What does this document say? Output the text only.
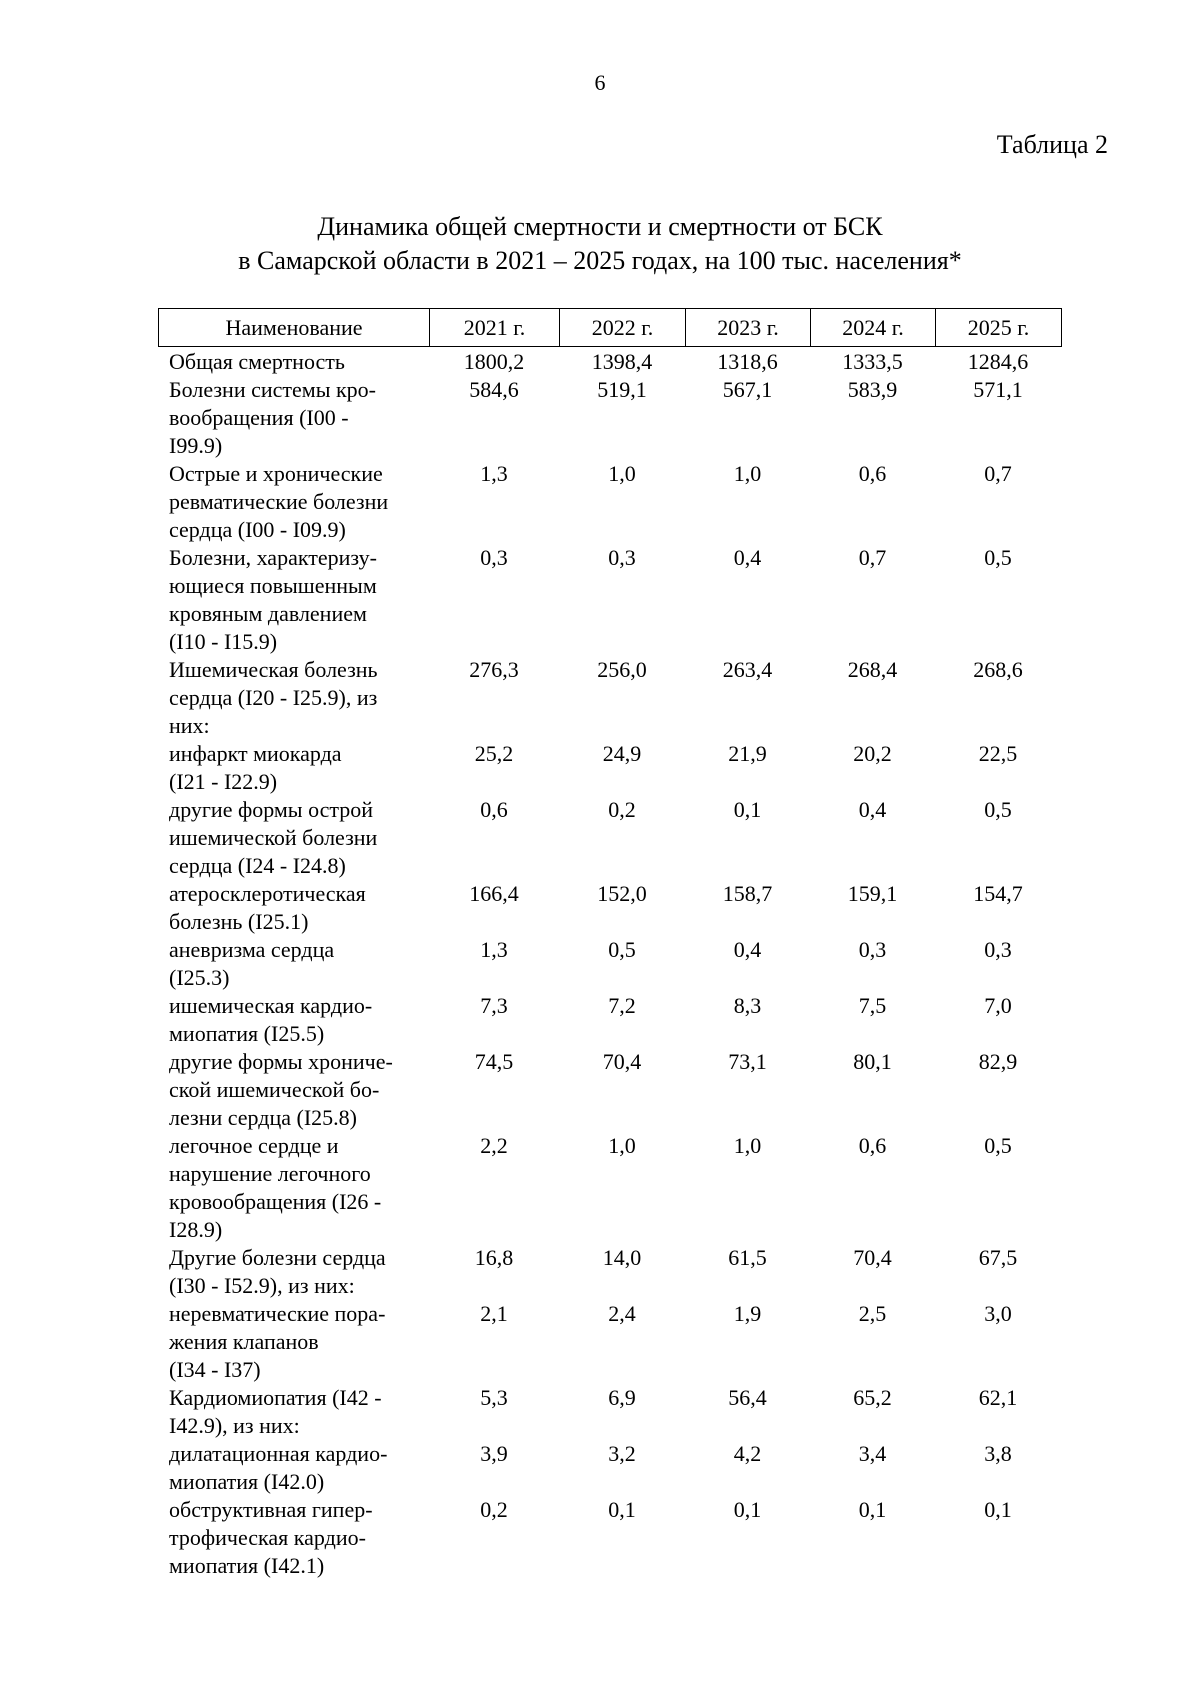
6
Таблица 2
Динамика общей смертности и смертности от БСК
в Самарской области в 2021 – 2025 годах, на 100 тыс. населения*
Наименование	2021 г.	2022 г.	2023 г.	2024 г.	2025 г.
Общая смертность	1800,2	1398,4	1318,6	1333,5	1284,6

Болезни системы кро-
вообращения (I00 -
I99.9)	584,6	519,1	567,1	583,9	571,1

Острые и хронические
ревматические болезни
сердца (I00 - I09.9)	1,3	1,0	1,0	0,6	0,7

Болезни, характеризу-
ющиеся повышенным
кровяным давлением
(I10 - I15.9)	0,3	0,3	0,4	0,7	0,5

Ишемическая болезнь
сердца (I20 - I25.9), из
них:	276,3	256,0	263,4	268,4	268,6

инфаркт миокарда
(I21 - I22.9)	25,2	24,9	21,9	20,2	22,5

другие формы острой
ишемической болезни
сердца (I24 - I24.8)	0,6	0,2	0,1	0,4	0,5

атеросклеротическая
болезнь (I25.1)	166,4	152,0	158,7	159,1	154,7

аневризма сердца
(I25.3)	1,3	0,5	0,4	0,3	0,3

ишемическая кардио-
миопатия (I25.5)	7,3	7,2	8,3	7,5	7,0

другие формы хрониче-
ской ишемической бо-
лезни сердца (I25.8)	74,5	70,4	73,1	80,1	82,9

легочное сердце и
нарушение легочного
кровообращения (I26 -
I28.9)	2,2	1,0	1,0	0,6	0,5

Другие болезни сердца
(I30 - I52.9), из них:	16,8	14,0	61,5	70,4	67,5

неревматические пора-
жения клапанов
(I34 - I37)	2,1	2,4	1,9	2,5	3,0

Кардиомиопатия (I42 -
I42.9), из них:	5,3	6,9	56,4	65,2	62,1

дилатационная кардио-
миопатия (I42.0)	3,9	3,2	4,2	3,4	3,8

обструктивная гипер-
трофическая кардио-
миопатия (I42.1)	0,2	0,1	0,1	0,1	0,1
